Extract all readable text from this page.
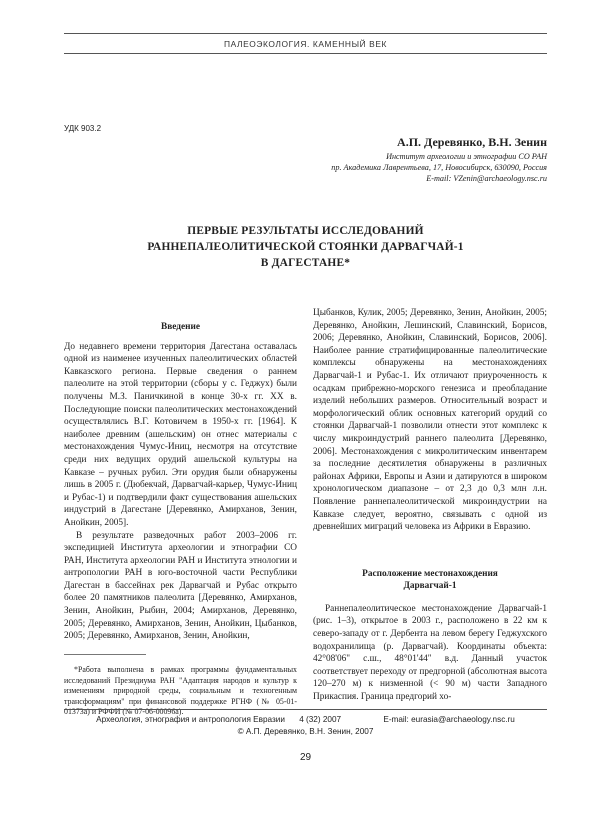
ПАЛЕОЭКОЛОГИЯ. КАМЕННЫЙ ВЕК
УДК 903.2
А.П. Деревянко, В.Н. Зенин
Институт археологии и этнографии СО РАН
пр. Академика Лаврентьева, 17, Новосибирск, 630090, Россия
E-mail: VZenin@archaeology.nsc.ru
ПЕРВЫЕ РЕЗУЛЬТАТЫ ИССЛЕДОВАНИЙ
РАННЕПАЛЕОЛИТИЧЕСКОЙ СТОЯНКИ ДАРВАГЧАЙ-1
В ДАГЕСТАНЕ*
Введение

До недавнего времени территория Дагестана оставалась одной из наименее изученных палеолитических областей Кавказского региона. Первые сведения о раннем палеолите на этой территории (сборы у с. Геджух) были получены М.З. Паничкиной в конце 30-х гг. XX в. Последующие поиски палеолитических местонахождений осуществлялись В.Г. Котовичем в 1950-х гг. [1964]. К наиболее древним (ашельским) он отнес материалы с местонахождения Чумус-Иниц, несмотря на отсутствие среди них ведущих орудий ашельской культуры на Кавказе – ручных рубил. Эти орудия были обнаружены лишь в 2005 г. (Дюбекчай, Дарвагчай-карьер, Чумус-Иниц и Рубас-1) и подтвердили факт существования ашельских индустрий в Дагестане [Деревянко, Амирханов, Зенин, Анойкин, 2005].

В результате разведочных работ 2003–2006 гг. экспедицией Института археологии и этнографии СО РАН, Института археологии РАН и Института этнологии и антропологии РАН в юго-восточной части Республики Дагестан в бассейнах рек Дарвагчай и Рубас открыто более 20 памятников палеолита [Деревянко, Амирханов, Зенин, Анойкин, Рыбин, 2004; Амирханов, Деревянко, 2005; Деревянко, Амирханов, Зенин, Анойкин, Цыбанков, 2005; Деревянко, Амирханов, Зенин, Анойкин,

*Работа выполнена в рамках программы фундаментальных исследований Президиума РАН "Адаптация народов и культур к изменениям природной среды, социальным и техногенным трансформациям" при финансовой поддержке РГНФ (№ 05-01-01373а) и РФФИ (№ 07-06-00096а).

Цыбанков, Кулик, 2005; Деревянко, Зенин, Анойкин, 2005; Деревянко, Анойкин, Лешинский, Славинский, Борисов, 2006; Деревянко, Анойкин, Славинский, Борисов, 2006]. Наиболее ранние стратифицированные палеолитические комплексы обнаружены на местонахождениях Дарвагчай-1 и Рубас-1. Их отличают приуроченность к осадкам прибрежно-морского генезиса и преобладание изделий небольших размеров. Относительный возраст и морфологический облик основных категорий орудий со стоянки Дарвагчай-1 позволили отнести этот комплекс к числу микроиндустрий раннего палеолита [Деревянко, 2006]. Местонахождения с микролитическим инвентарем за последние десятилетия обнаружены в различных районах Африки, Европы и Азии и датируются в широком хронологическом диапазоне – от 2,3 до 0,3 млн л.н. Появление раннепалеолитической микроиндустрии на Кавказе следует, вероятно, связывать с одной из древнейших миграций человека из Африки в Евразию.

Расположение местонахождения
Дарвагчай-1

Раннепалеолитическое местонахождение Дарвагчай-1 (рис. 1–3), открытое в 2003 г., расположено в 22 км к северо-западу от г. Дербента на левом берегу Геджухского водохранилища (р. Дарвагчай). Координаты объекта: 42°08'06" с.ш., 48°01'44" в.д. Данный участок соответствует переходу от предгорной (абсолютная высота 120–270 м) к низменной (< 90 м) части Западного Прикаспия. Граница предгорий хо-

Археология, этнография и антропология Евразии 4 (32) 2007	E-mail: eurasia@archaeology.nsc.ru
© А.П. Деревянко, В.Н. Зенин, 2007
29
